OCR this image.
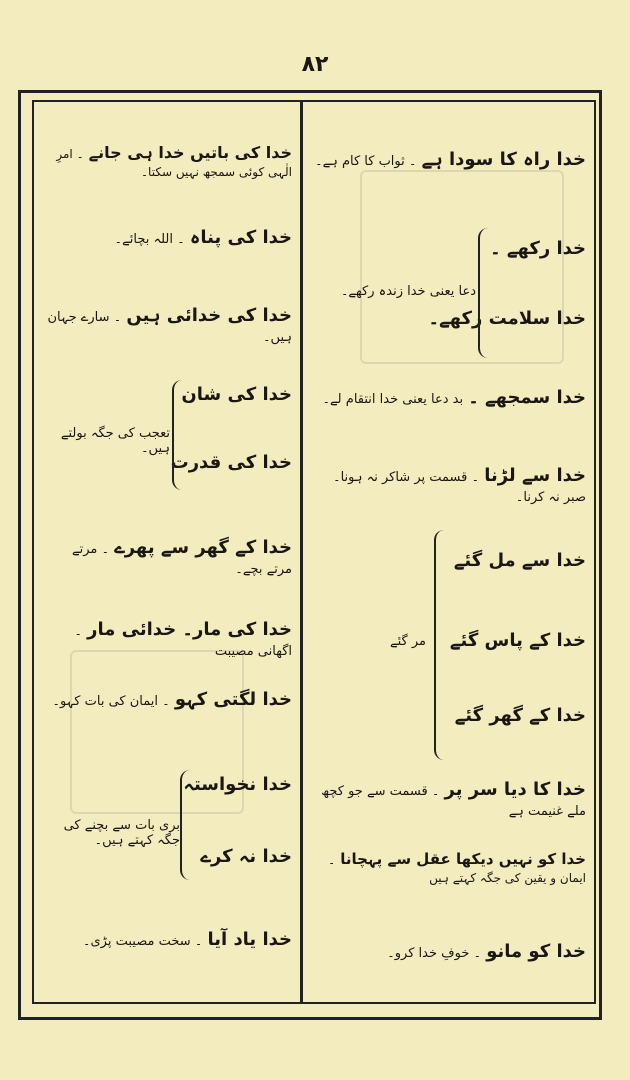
۸۲
خدا راہ کا سودا ہے ۔ ثواب کا کام ہے۔
خدا رکھے ۔
خدا سلامت رکھے۔
دعا یعنی خدا زندہ رکھے۔
خدا سمجھے ۔ بد دعا یعنی خدا انتقام لے۔
خدا سے لڑنا ۔ قسمت پر شاکر نہ ہونا۔ صبر نہ کرنا۔
خدا سے مل گئے
خدا کے پاس گئے
خدا کے گھر گئے
مر گئے
خدا کا دیا سر پر ۔ قسمت سے جو کچھ ملے غنیمت ہے
خدا کو نہیں دیکھا عقل سے پہچانا ۔ ایمان و یقین کی جگہ کہتے ہیں
خدا کو مانو ۔ خوفِ خدا کرو۔
خدا کی باتیں خدا ہی جانے ۔ امرِ الٰہی کوئی سمجھ نہیں سکتا۔
خدا کی پناہ ۔ اللہ بچائے۔
خدا کی خدائی ہیں ۔ سارے جہان ہیں۔
خدا کی شان
خدا کی قدرت
تعجب کی جگہ بولتے ہیں۔
خدا کے گھر سے پھرے ۔ مرتے مرتے بچے۔
خدا کی مار۔ خدائی مار ۔ اگھانی مصیبت
خدا لگتی کہو ۔ ایمان کی بات کہو۔
خدا نخواستہ
خدا نہ کرے
بری بات سے بچنے کی جگہ کہتے ہیں۔
خدا یاد آیا ۔ سخت مصیبت پڑی۔
